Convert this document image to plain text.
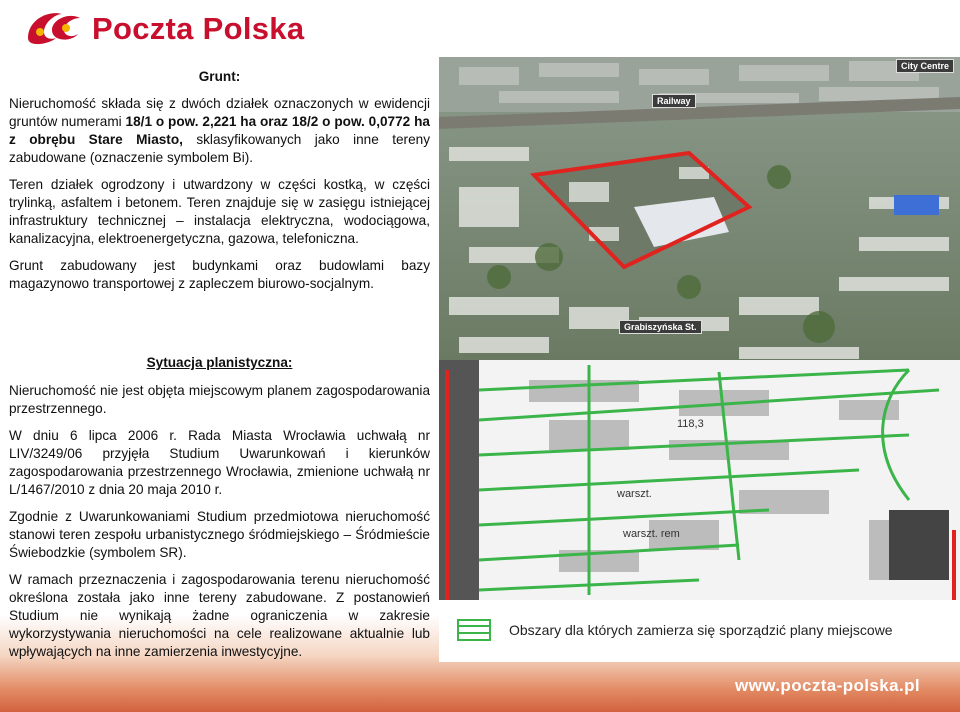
Poczta Polska

Grunt:

Nieruchomość składa się z dwóch działek oznaczonych w ewidencji gruntów numerami 18/1 o pow. 2,221 ha oraz 18/2 o pow. 0,0772 ha z obrębu Stare Miasto, sklasyfikowanych jako inne tereny zabudowane (oznaczenie symbolem Bi).

Teren działek ogrodzony i utwardzony w części kostką, w części trylinką, asfaltem i betonem. Teren znajduje się w zasięgu istniejącej infrastruktury technicznej – instalacja elektryczna, wodociągowa, kanalizacyjna, elektroenergetyczna, gazowa, telefoniczna.

Grunt zabudowany jest budynkami oraz budowlami bazy magazynowo transportowej z zapleczem biurowo-socjalnym.

Sytuacja planistyczna:

Nieruchomość nie jest objęta miejscowym planem zagospodarowania przestrzennego.

W dniu 6 lipca 2006 r. Rada Miasta Wrocławia uchwałą nr LIV/3249/06 przyjęła Studium Uwarunkowań i kierunków zagospodarowania przestrzennego Wrocławia, zmienione uchwałą nr L/1467/2010 z dnia 20 maja 2010 r.

Zgodnie z Uwarunkowaniami Studium przedmiotowa nieruchomość stanowi teren zespołu urbanistycznego śródmiejskiego – Śródmieście Świebodzkie (symbolem SR).

W ramach przeznaczenia i zagospodarowania terenu nieruchomość określona została jako inne tereny zabudowane. Z postanowień Studium nie wynikają żadne ograniczenia w zakresie wykorzystywania nieruchomości na cele realizowane aktualnie lub wpływających na inne zamierzenia inwestycyjne.

City Centre
Railway
Grabiszyńska St.
118,3
warszt.
warszt. rem
Obszary dla których zamierza się sporządzić plany miejscowe
www.poczta-polska.pl
